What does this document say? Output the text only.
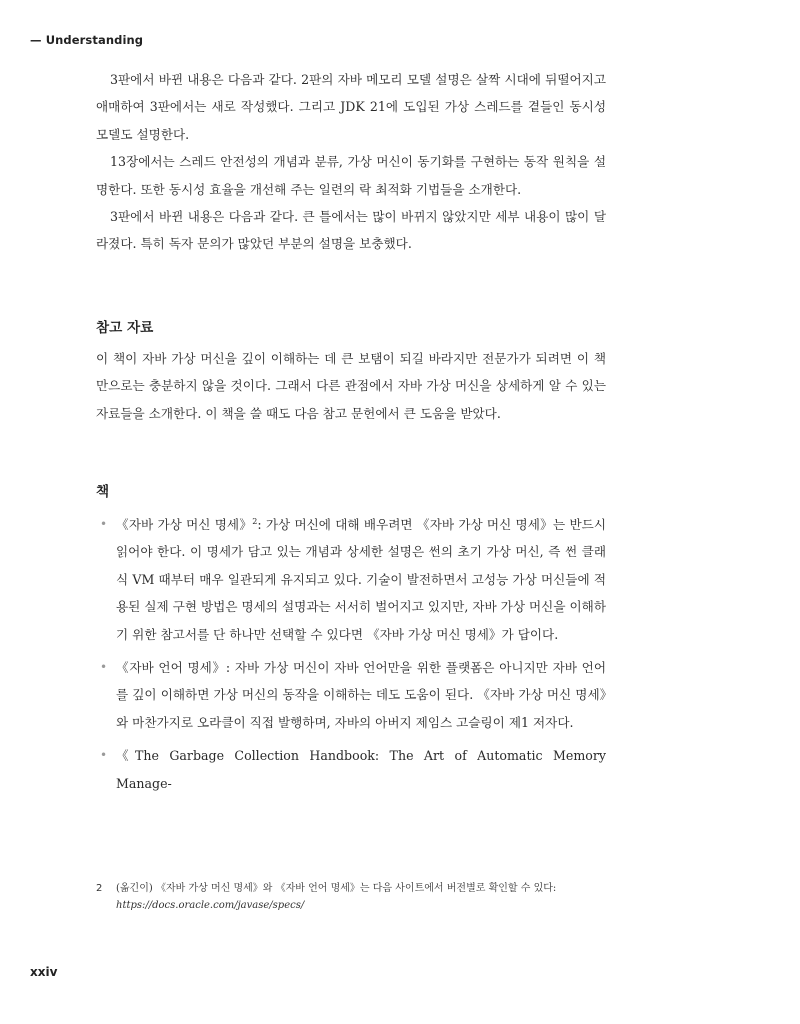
— Understanding

3판에서 바뀐 내용은 다음과 같다. 2판의 자바 메모리 모델 설명은 살짝 시대에 뒤떨어지고 애매하여 3판에서는 새로 작성했다. 그리고 JDK 21에 도입된 가상 스레드를 곁들인 동시성 모델도 설명한다.

13장에서는 스레드 안전성의 개념과 분류, 가상 머신이 동기화를 구현하는 동작 원칙을 설명한다. 또한 동시성 효율을 개선해 주는 일련의 락 최적화 기법들을 소개한다.

3판에서 바뀐 내용은 다음과 같다. 큰 틀에서는 많이 바뀌지 않았지만 세부 내용이 많이 달라졌다. 특히 독자 문의가 많았던 부분의 설명을 보충했다.

참고 자료

이 책이 자바 가상 머신을 깊이 이해하는 데 큰 보탬이 되길 바라지만 전문가가 되려면 이 책만으로는 충분하지 않을 것이다. 그래서 다른 관점에서 자바 가상 머신을 상세하게 알 수 있는 자료들을 소개한다. 이 책을 쓸 때도 다음 참고 문헌에서 큰 도움을 받았다.

책
• 《자바 가상 머신 명세》$^2$: 가상 머신에 대해 배우려면 《자바 가상 머신 명세》는 반드시 읽어야 한다. 이 명세가 담고 있는 개념과 상세한 설명은 썬의 초기 가상 머신, 즉 썬 클래식 VM 때부터 매우 일관되게 유지되고 있다. 기술이 발전하면서 고성능 가상 머신들에 적용된 실제 구현 방법은 명세의 설명과는 서서히 벌어지고 있지만, 자바 가상 머신을 이해하기 위한 참고서를 단 하나만 선택할 수 있다면 《자바 가상 머신 명세》가 답이다.
• 《자바 언어 명세》: 자바 가상 머신이 자바 언어만을 위한 플랫폼은 아니지만 자바 언어를 깊이 이해하면 가상 머신의 동작을 이해하는 데도 도움이 된다. 《자바 가상 머신 명세》와 마찬가지로 오라클이 직접 발행하며, 자바의 아버지 제임스 고슬링이 제1 저자다.
• 《The Garbage Collection Handbook: The Art of Automatic Memory Manage-
2	(옮긴이) 《자바 가상 머신 명세》와 《자바 언어 명세》는 다음 사이트에서 버전별로 확인할 수 있다: https://docs.oracle.com/javase/specs/
xxiv
